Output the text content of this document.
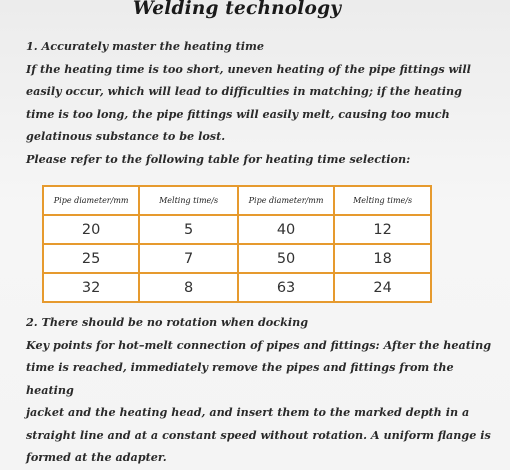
Welding technology

1. Accurately master the heating time

If the heating time is too short, uneven heating of the pipe fittings will

easily occur, which will lead to difficulties in matching; if the heating

time is too long, the pipe fittings will easily melt, causing too much

gelatinous substance to be lost.

Please refer to the following table for heating time selection:

Pipe diameter/mm	Melting time/s	Pipe diameter/mm	Melting time/s
20	5	40	12
25	7	50	18
32	8	63	24

2. There should be no rotation when docking

Key points for hot–melt connection of pipes and fittings: After the heating

time is reached, immediately remove the pipes and fittings from the heating

jacket and the heating head, and insert them to the marked depth in a

straight line and at a constant speed without rotation. A uniform flange is

formed at the adapter.
